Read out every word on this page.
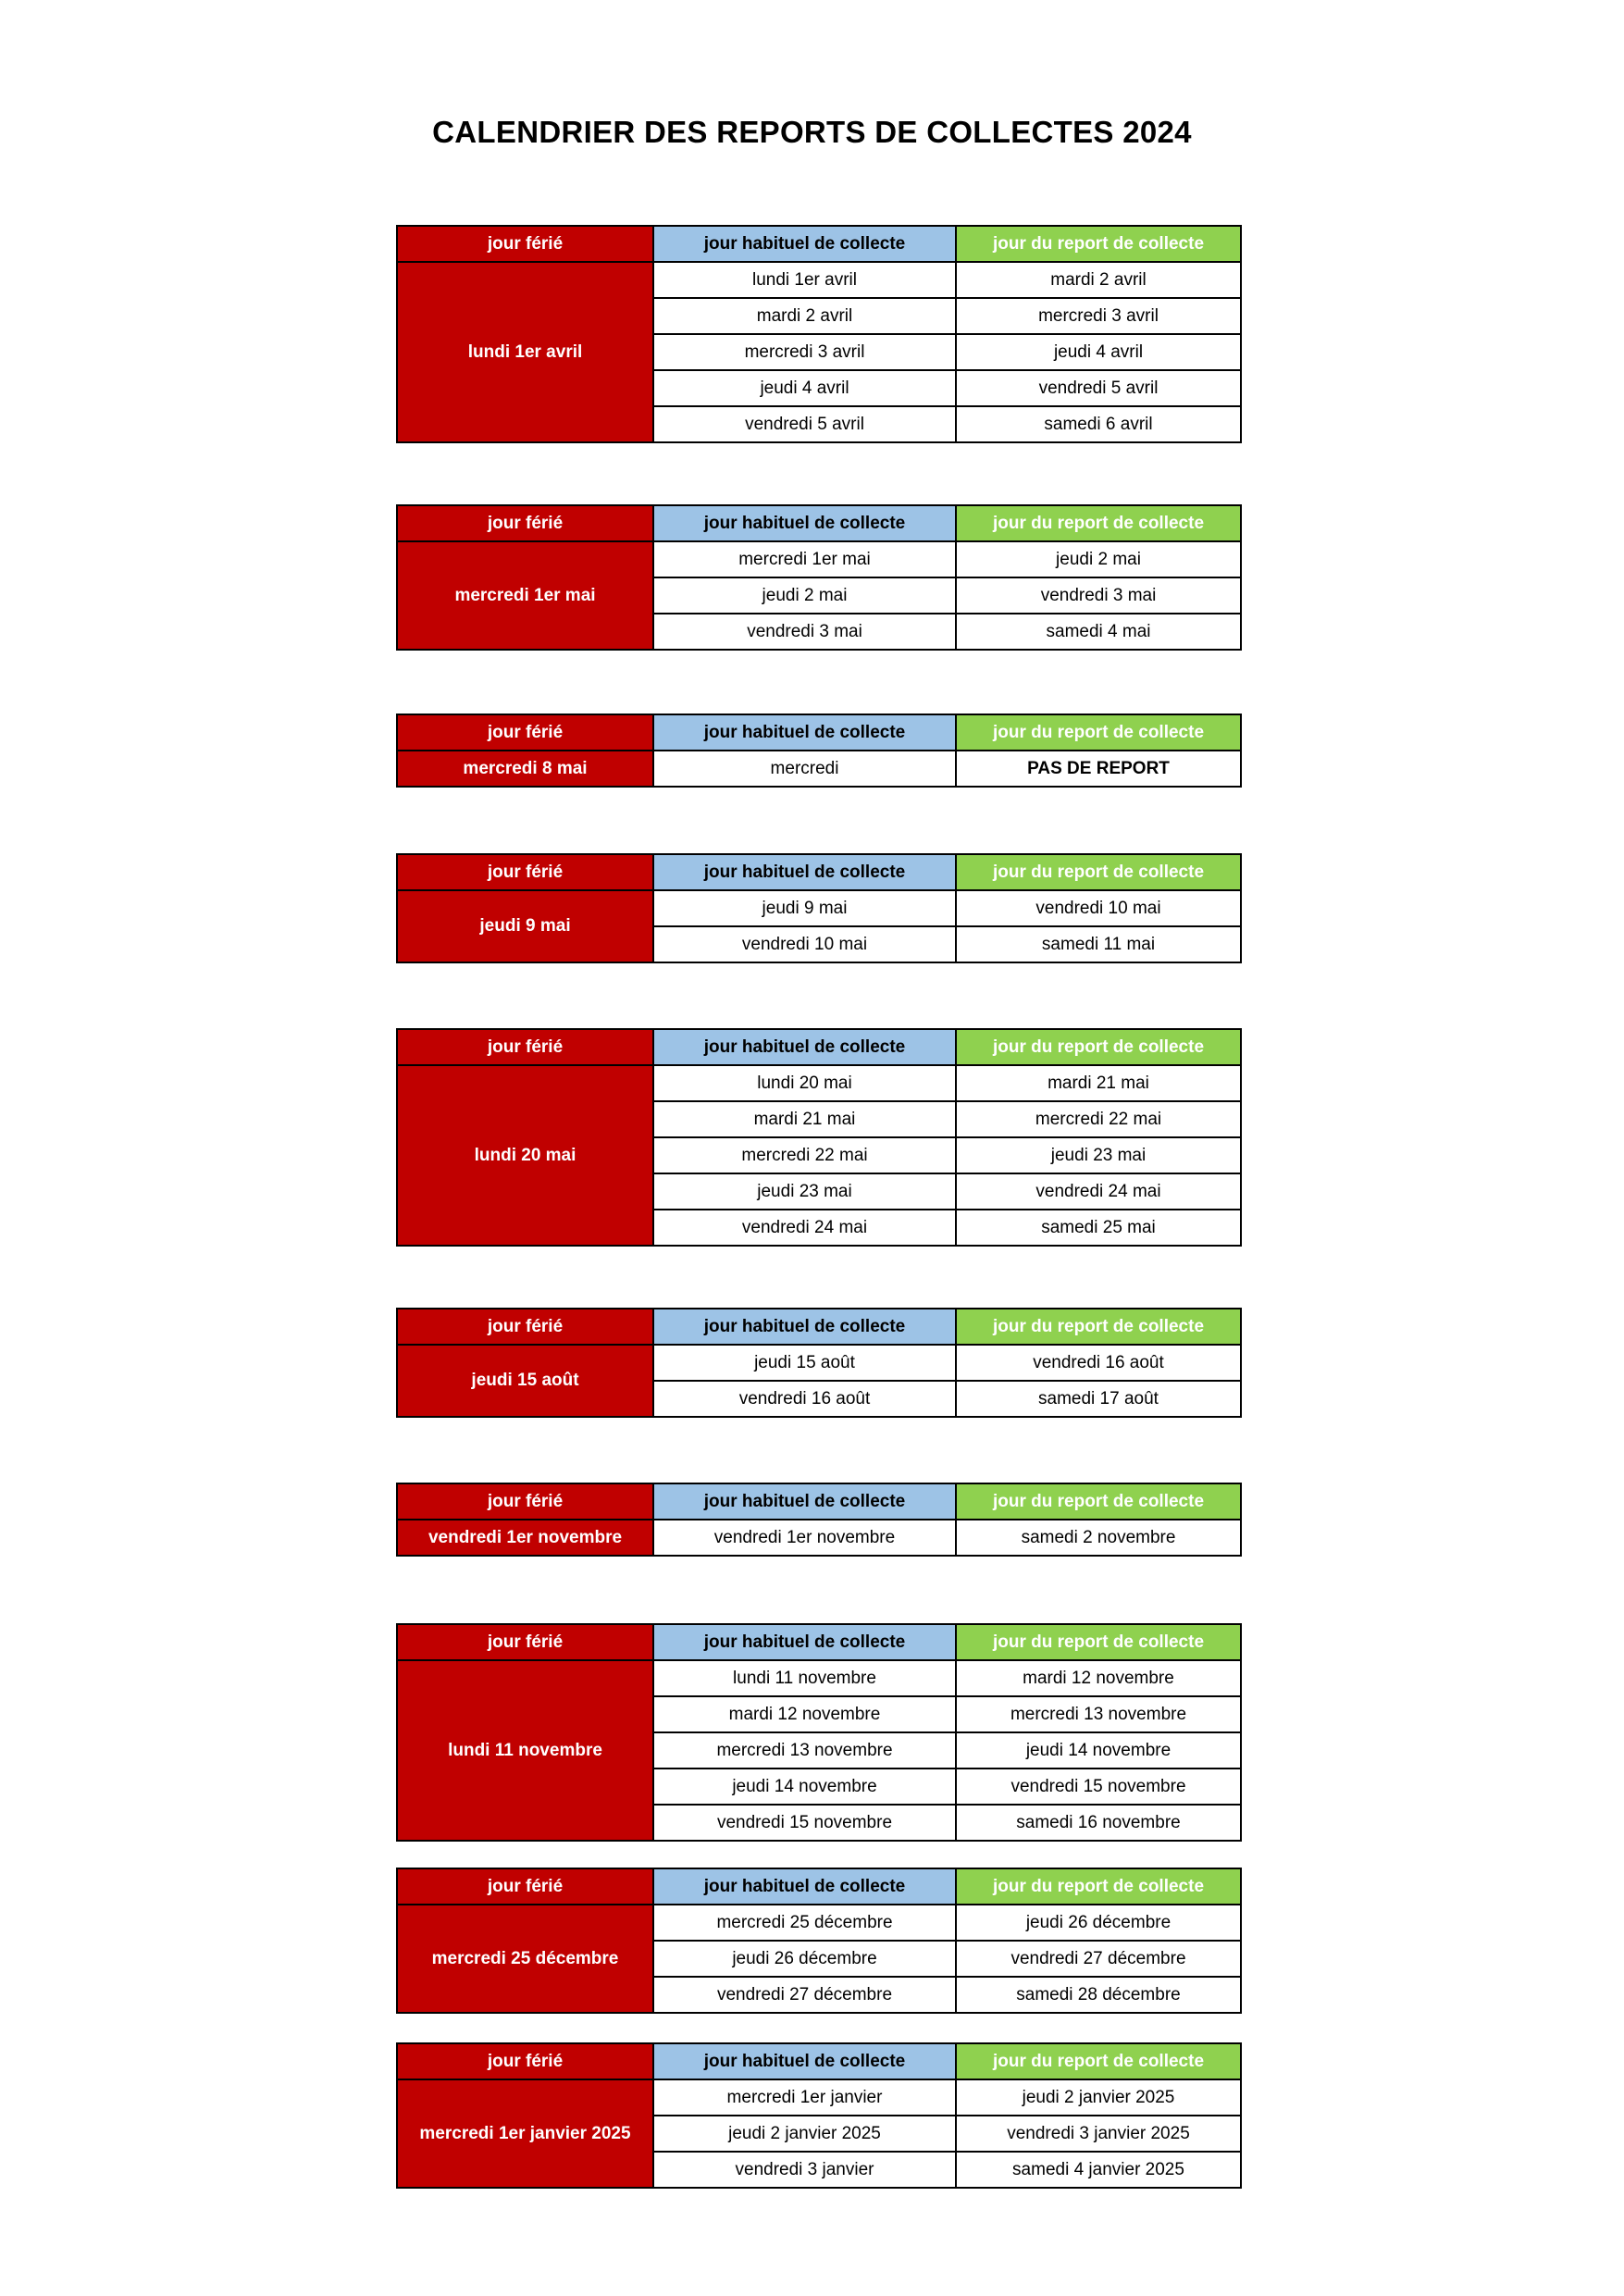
CALENDRIER DES REPORTS DE COLLECTES 2024
jour férié	jour habituel de collecte	jour du report de collecte
lundi 1er avril	lundi 1er avril	mardi 2 avril
	mardi 2 avril	mercredi 3 avril
	mercredi 3 avril	jeudi 4 avril
	jeudi 4 avril	vendredi 5 avril
	vendredi 5 avril	samedi 6 avril
jour férié	jour habituel de collecte	jour du report de collecte
mercredi 1er mai	mercredi 1er mai	jeudi 2 mai
	jeudi 2 mai	vendredi 3 mai
	vendredi 3 mai	samedi 4 mai
jour férié	jour habituel de collecte	jour du report de collecte
mercredi 8 mai	mercredi	PAS DE REPORT
jour férié	jour habituel de collecte	jour du report de collecte
jeudi 9 mai	jeudi 9 mai	vendredi 10 mai
	vendredi 10 mai	samedi 11 mai
jour férié	jour habituel de collecte	jour du report de collecte
lundi 20 mai	lundi 20 mai	mardi 21 mai
	mardi 21 mai	mercredi 22 mai
	mercredi 22 mai	jeudi 23 mai
	jeudi 23 mai	vendredi 24 mai
	vendredi 24 mai	samedi 25 mai
jour férié	jour habituel de collecte	jour du report de collecte
jeudi 15 août	jeudi 15 août	vendredi 16 août
	vendredi 16 août	samedi 17 août
jour férié	jour habituel de collecte	jour du report de collecte
vendredi 1er novembre	vendredi 1er novembre	samedi 2 novembre
jour férié	jour habituel de collecte	jour du report de collecte
lundi 11 novembre	lundi 11 novembre	mardi 12 novembre
	mardi 12 novembre	mercredi 13 novembre
	mercredi 13 novembre	jeudi 14 novembre
	jeudi 14 novembre	vendredi 15 novembre
	vendredi 15 novembre	samedi 16 novembre
jour férié	jour habituel de collecte	jour du report de collecte
mercredi 25 décembre	mercredi 25 décembre	jeudi 26 décembre
	jeudi 26 décembre	vendredi 27 décembre
	vendredi 27 décembre	samedi 28 décembre
jour férié	jour habituel de collecte	jour du report de collecte
mercredi 1er janvier 2025	mercredi 1er janvier	jeudi 2 janvier 2025
	jeudi 2 janvier 2025	vendredi 3 janvier 2025
	vendredi 3 janvier	samedi 4 janvier 2025
